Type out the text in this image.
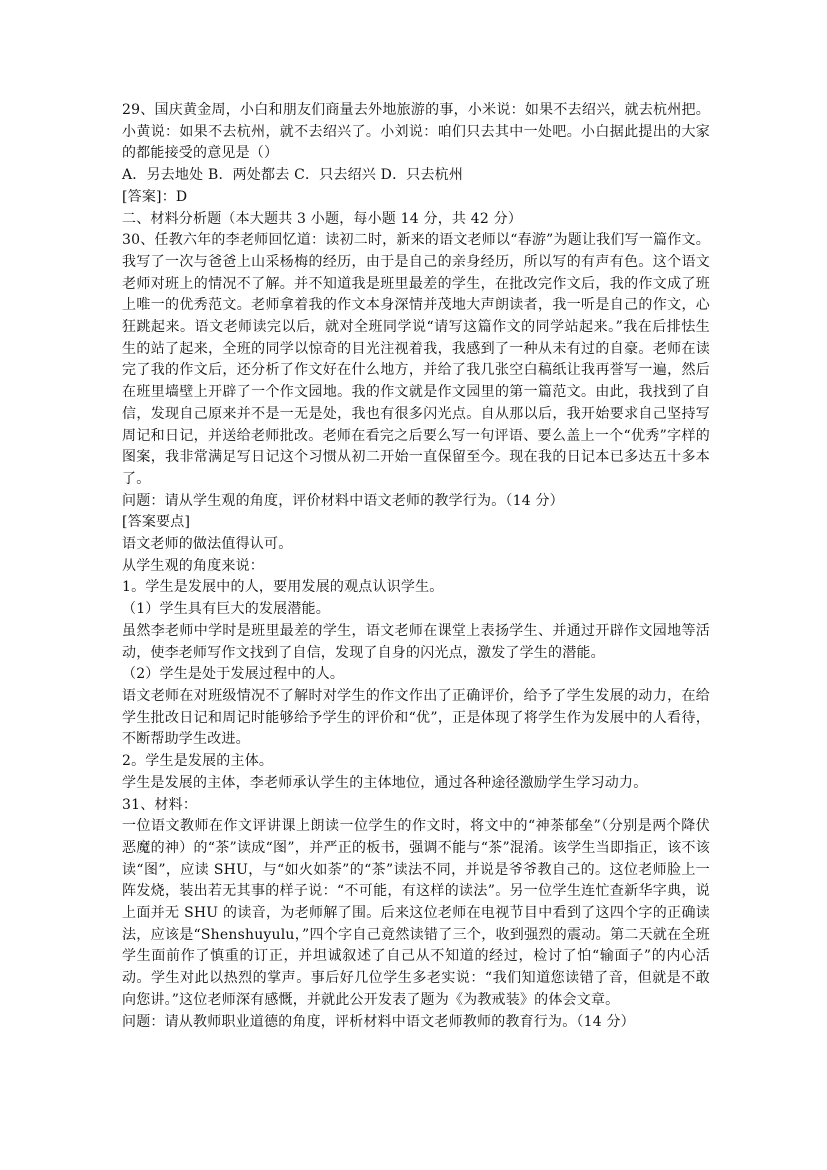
29、国庆黄金周，小白和朋友们商量去外地旅游的事，小米说：如果不去绍兴，就去杭州把。小黄说：如果不去杭州，就不去绍兴了。小刘说：咱们只去其中一处吧。小白据此提出的大家的都能接受的意见是（）

A．另去地处 B．两处都去 C．只去绍兴 D．只去杭州

[答案]：D

二、材料分析题（本大题共 3 小题，每小题 14 分，共 42 分）

30、任教六年的李老师回忆道：读初二时，新来的语文老师以“春游”为题让我们写一篇作文。我写了一次与爸爸上山采杨梅的经历，由于是自己的亲身经历，所以写的有声有色。这个语文老师对班上的情况不了解。并不知道我是班里最差的学生，在批改完作文后，我的作文成了班上唯一的优秀范文。老师拿着我的作文本身深情并茂地大声朗读者，我一听是自己的作文，心狂跳起来。语文老师读完以后，就对全班同学说“请写这篇作文的同学站起来。”我在后排怯生生的站了起来，全班的同学以惊奇的目光注视着我，我感到了一种从未有过的自豪。老师在读完了我的作文后，还分析了作文好在什么地方，并给了我几张空白稿纸让我再誉写一遍，然后在班里墙壁上开辟了一个作文园地。我的作文就是作文园里的第一篇范文。由此，我找到了自信，发现自己原来并不是一无是处，我也有很多闪光点。自从那以后，我开始要求自己坚持写周记和日记，并送给老师批改。老师在看完之后要么写一句评语、要么盖上一个“优秀”字样的图案，我非常满足写日记这个习惯从初二开始一直保留至今。现在我的日记本已多达五十多本了。

问题：请从学生观的角度，评价材料中语文老师的教学行为。（14 分）

[答案要点]

语文老师的做法值得认可。

从学生观的角度来说：

1。学生是发展中的人，要用发展的观点认识学生。

（1）学生具有巨大的发展潜能。

虽然李老师中学时是班里最差的学生，语文老师在课堂上表扬学生、并通过开辟作文园地等活动，使李老师写作文找到了自信，发现了自身的闪光点，激发了学生的潜能。

（2）学生是处于发展过程中的人。

语文老师在对班级情况不了解时对学生的作文作出了正确评价，给予了学生发展的动力，在给学生批改日记和周记时能够给予学生的评价和“优”，正是体现了将学生作为发展中的人看待，不断帮助学生改进。

2。学生是发展的主体。

学生是发展的主体，李老师承认学生的主体地位，通过各种途径激励学生学习动力。

31、材料：

一位语文教师在作文评讲课上朗读一位学生的作文时，将文中的“神茶郁垒”（分别是两个降伏恶魔的神）的“茶”读成“图”，并严正的板书，强调不能与“茶”混淆。该学生当即指正，该不该读“图”，应读 SHU，与“如火如荼”的“茶”读法不同，并说是爷爷教自己的。这位老师脸上一阵发烧，装出若无其事的样子说：“不可能，有这样的读法”。另一位学生连忙查新华字典，说上面并无 SHU 的读音，为老师解了围。后来这位老师在电视节目中看到了这四个字的正确读法，应该是“Shenshuyulu，”四个字自己竟然读错了三个，收到强烈的震动。第二天就在全班学生面前作了慎重的订正，并坦诚叙述了自己从不知道的经过，检讨了怕“输面子”的内心活动。学生对此以热烈的掌声。事后好几位学生多老实说：“我们知道您读错了音，但就是不敢向您讲。”这位老师深有感慨，并就此公开发表了题为《为教戒装》的体会文章。

问题：请从教师职业道德的角度，评析材料中语文老师教师的教育行为。（14 分）
